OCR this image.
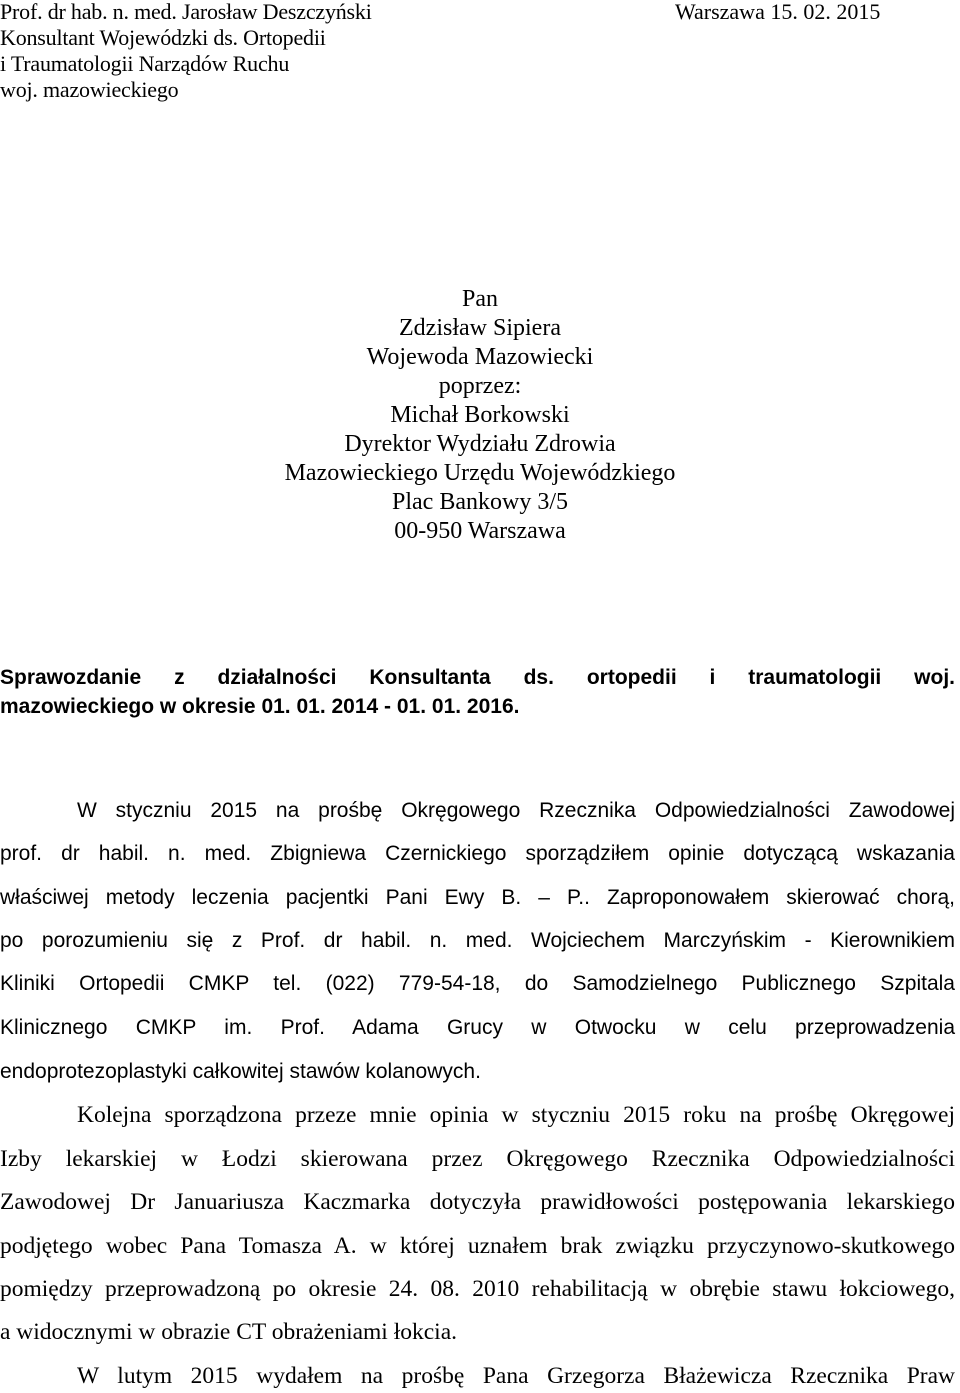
Prof. dr hab. n. med. Jarosław Deszczyński
Konsultant Wojewódzki ds. Ortopedii
i Traumatologii Narządów Ruchu
woj. mazowieckiego
Warszawa 15. 02. 2015
Pan
Zdzisław Sipiera
Wojewoda Mazowiecki
poprzez:
Michał Borkowski
Dyrektor Wydziału Zdrowia
Mazowieckiego Urzędu Wojewódzkiego
Plac Bankowy 3/5
00-950 Warszawa
Sprawozdanie z działalności Konsultanta ds. ortopedii i traumatologii woj.
mazowieckiego w okresie 01. 01. 2014 - 01. 01. 2016.
W styczniu 2015 na prośbę Okręgowego Rzecznika Odpowiedzialności Zawodowej
prof. dr habil. n. med. Zbigniewa Czernickiego sporządziłem opinie dotyczącą wskazania
właściwej metody leczenia pacjentki Pani Ewy B. – P.. Zaproponowałem skierować chorą,
po porozumieniu się z Prof. dr habil. n. med. Wojciechem Marczyńskim - Kierownikiem
Kliniki Ortopedii CMKP tel. (022) 779-54-18, do Samodzielnego Publicznego Szpitala
Klinicznego CMKP im. Prof. Adama Grucy w Otwocku w celu przeprowadzenia
endoprotezoplastyki całkowitej stawów kolanowych.
Kolejna sporządzona przeze mnie opinia w styczniu 2015 roku na prośbę Okręgowej
Izby lekarskiej w Łodzi skierowana przez Okręgowego Rzecznika Odpowiedzialności
Zawodowej Dr Januariusza Kaczmarka dotyczyła prawidłowości postępowania lekarskiego
podjętego wobec Pana Tomasza A. w której uznałem brak związku przyczynowo-skutkowego
pomiędzy przeprowadzoną po okresie 24. 08. 2010 rehabilitacją w obrębie stawu łokciowego,
a widocznymi w obrazie CT obrażeniami łokcia.
W lutym 2015 wydałem na prośbę Pana Grzegorza Błażewicza Rzecznika Praw
